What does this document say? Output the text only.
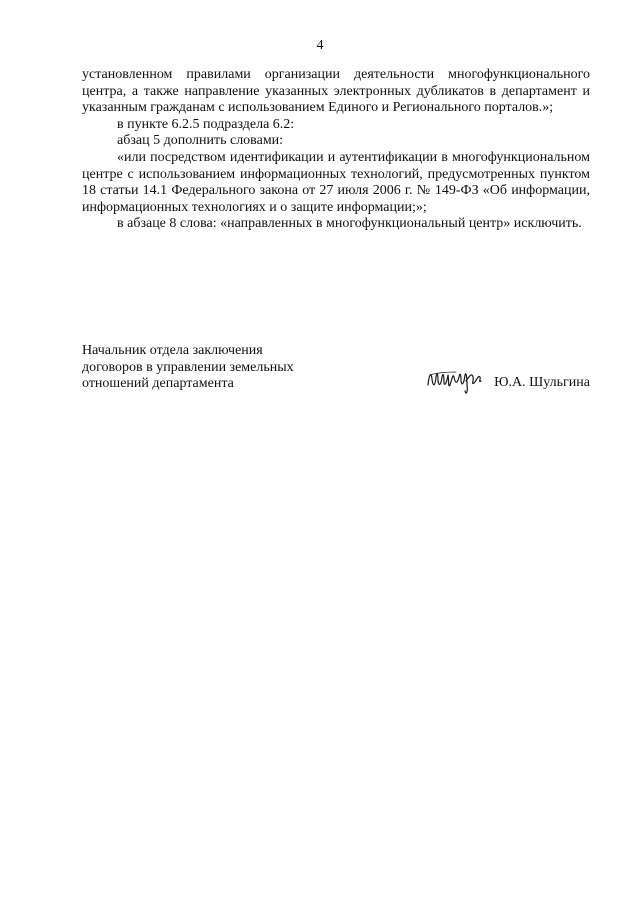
4

установленном правилами организации деятельности многофункционального центра, а также направление указанных электронных дубликатов в департамент и указанным гражданам с использованием Единого и Регионального порталов.»;

в пункте 6.2.5 подраздела 6.2:

абзац 5 дополнить словами:

«или посредством идентификации и аутентификации в многофункциональном центре с использованием информационных технологий, предусмотренных пунктом 18 статьи 14.1 Федерального закона от 27 июля 2006 г. № 149-ФЗ «Об информации, информационных технологиях и о защите информации;»;

в абзаце 8 слова: «направленных в многофункциональный центр» исключить.

Начальник отдела заключения
договоров в управлении земельных
отношений департамента	Ю.А. Шульгина
